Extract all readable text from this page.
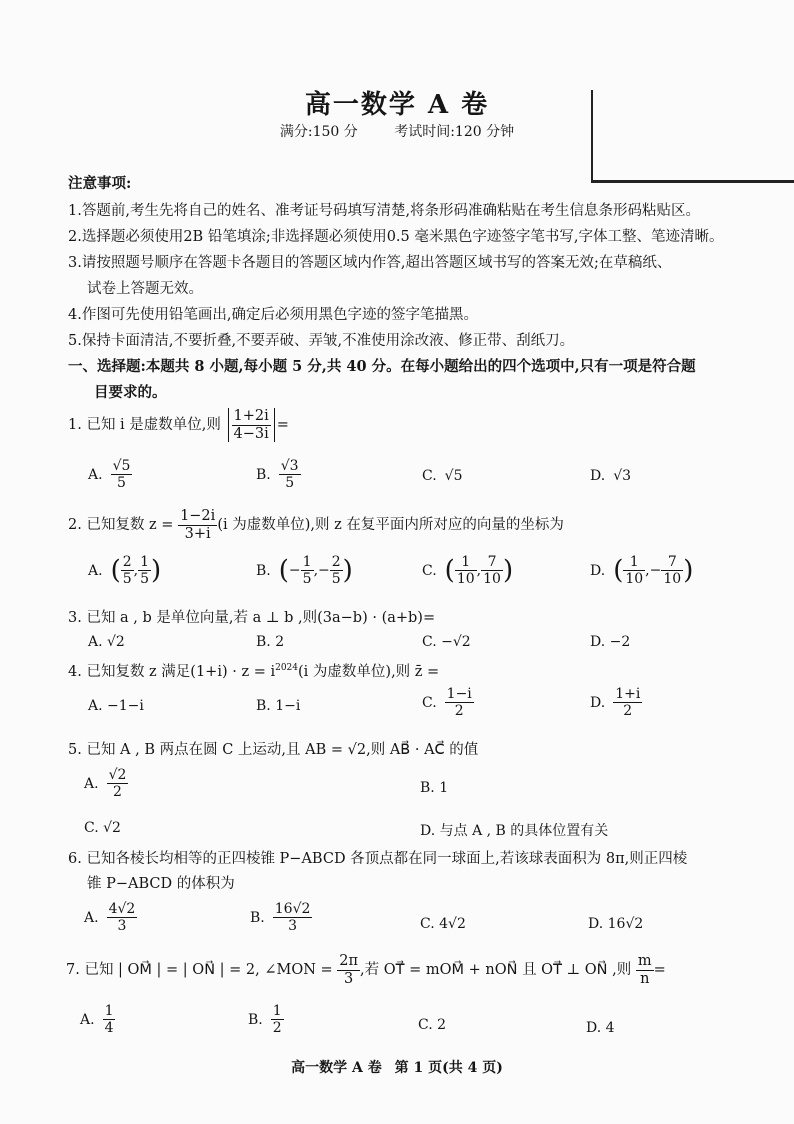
高一数学 A 卷
满分:150 分	考试时间:120 分钟
注意事项:
1.答题前,考生先将自己的姓名、准考证号码填写清楚,将条形码准确粘贴在考生信息条形码粘贴区。
2.选择题必须使用2B 铅笔填涂;非选择题必须使用0.5 毫米黑色字迹签字笔书写,字体工整、笔迹清晰。
3.请按照题号顺序在答题卡各题目的答题区域内作答,超出答题区域书写的答案无效;在草稿纸、
试卷上答题无效。
4.作图可先使用铅笔画出,确定后必须用黑色字迹的签字笔描黑。
5.保持卡面清洁,不要折叠,不要弄破、弄皱,不准使用涂改液、修正带、刮纸刀。
一、选择题:本题共 8 小题,每小题 5 分,共 40 分。在每小题给出的四个选项中,只有一项是符合题
目要求的。
1. 已知 i 是虚数单位,则 $\frac{1+2i}{4-3i}$ =
A. $\frac{√5}{5}$	B. $\frac{√3}{5}$	C. √5	D. √3
2. 已知复数 $z = \frac{1-2i}{3+i} (i$ 为虚数单位),则 z 在复平面内所对应的向量的坐标为
A. ( $\frac{2}{5}$ , $\frac{1}{5}$ )	B. (− $\frac{1}{5}$ ,− $\frac{2}{5}$ )	C. ( $\frac{1}{10}$ , $\frac{7}{10}$ )	D. ( $\frac{1}{10}$ ,− $\frac{7}{10}$ )
3. 已知 a , b 是单位向量,若 a ⊥ b ,则(3a−b) · (a+b)=
A. √2	B. 2	C. −√2	D. −2
4. 已知复数 z 满足$(1+i) \cdot z = i^{2024}(i$ 为虚数单位),则 z̄ =
A. −1−i	B. 1−i	C. $\frac{1-i}{2}$	D. $\frac{1+i}{2}$
5. 已知 A , B 两点在圆 C 上运动,且 AB = √2,则 AB⃗ · AC⃗ 的值
A. $\frac{√2}{2}$	B. 1
C. √2	D. 与点 A , B 的具体位置有关
6. 已知各棱长均相等的正四棱锥 P−ABCD 各顶点都在同一球面上,若该球表面积为 8π,则正四棱
锥 P−ABCD 的体积为
A. $\frac{4√2}{3}$	B. $\frac{16√2}{3}$	C. 4√2	D. 16√2
7. 已知 | OM⃗ | = | ON⃗ | = 2, ∠MON = $\frac{2\pi}{3}$ ,若 OT⃗ = mOM⃗ + nON⃗ 且 OT⃗ ⊥ ON⃗ ,则 $\frac{m}{n}$ =
A. $\frac{1}{4}$	B. $\frac{1}{2}$	C. 2	D. 4
高一数学 A 卷 第 1 页(共 4 页)
